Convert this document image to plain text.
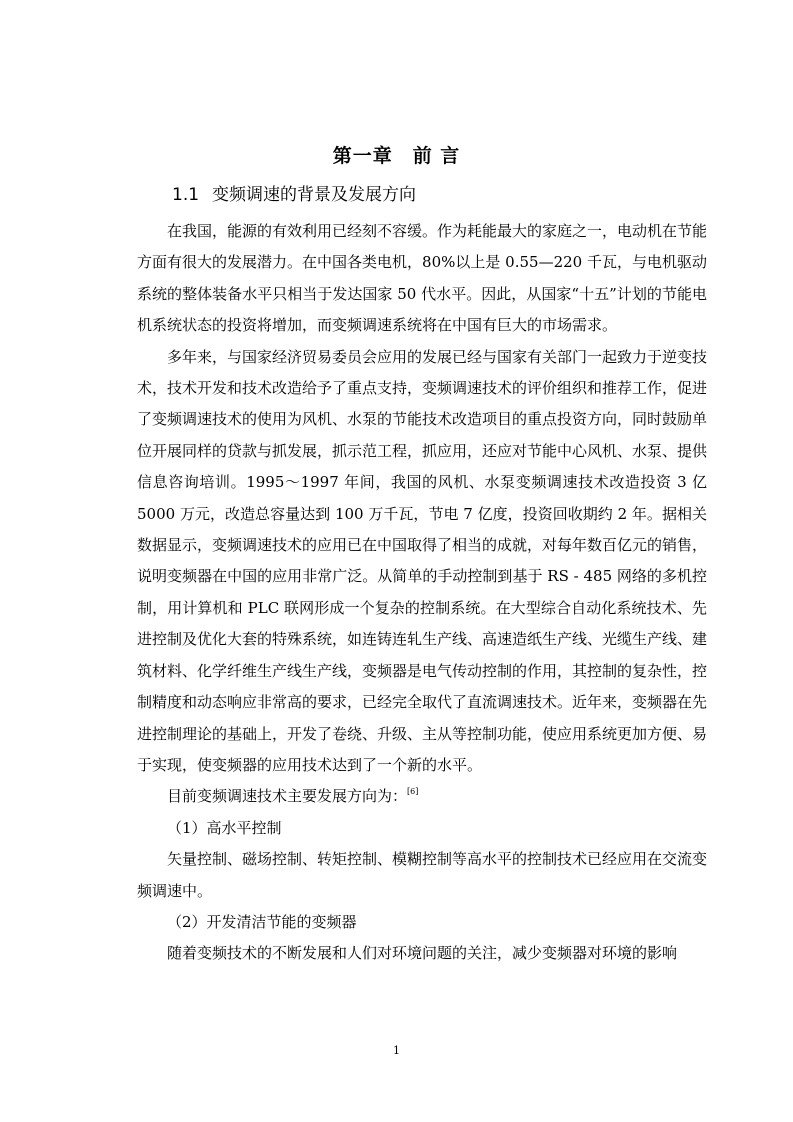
第一章　前 言
1.1 变频调速的背景及发展方向

在我国，能源的有效利用已经刻不容缓。作为耗能最大的家庭之一，电动机在节能方面有很大的发展潜力。在中国各类电机，80%以上是 0.55—220 千瓦，与电机驱动系统的整体装备水平只相当于发达国家 50 代水平。因此，从国家“十五”计划的节能电机系统状态的投资将增加，而变频调速系统将在中国有巨大的市场需求。

多年来，与国家经济贸易委员会应用的发展已经与国家有关部门一起致力于逆变技术，技术开发和技术改造给予了重点支持，变频调速技术的评价组织和推荐工作，促进了变频调速技术的使用为风机、水泵的节能技术改造项目的重点投资方向，同时鼓励单位开展同样的贷款与抓发展，抓示范工程，抓应用，还应对节能中心风机、水泵、提供信息咨询培训。1995～1997 年间，我国的风机、水泵变频调速技术改造投资 3 亿 5000 万元，改造总容量达到 100 万千瓦，节电 7 亿度，投资回收期约 2 年。据相关数据显示，变频调速技术的应用已在中国取得了相当的成就，对每年数百亿元的销售，说明变频器在中国的应用非常广泛。从简单的手动控制到基于 RS - 485 网络的多机控制，用计算机和 PLC 联网形成一个复杂的控制系统。在大型综合自动化系统技术、先进控制及优化大套的特殊系统，如连铸连轧生产线、高速造纸生产线、光缆生产线、建筑材料、化学纤维生产线生产线，变频器是电气传动控制的作用，其控制的复杂性，控制精度和动态响应非常高的要求，已经完全取代了直流调速技术。近年来，变频器在先进控制理论的基础上，开发了卷绕、升级、主从等控制功能，使应用系统更加方便、易于实现，使变频器的应用技术达到了一个新的水平。

目前变频调速技术主要发展方向为：[6]

（1）高水平控制

矢量控制、磁场控制、转矩控制、模糊控制等高水平的控制技术已经应用在交流变频调速中。

（2）开发清洁节能的变频器

随着变频技术的不断发展和人们对环境问题的关注，减少变频器对环境的影响

1
